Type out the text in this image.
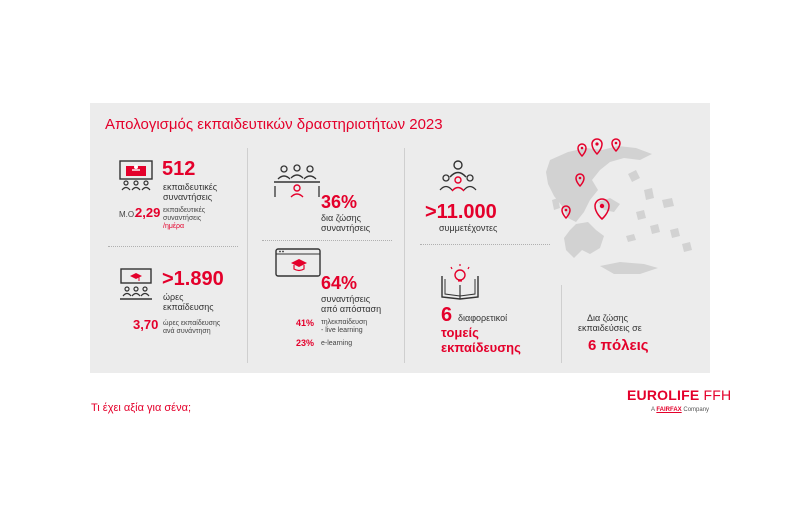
Απολογισμός εκπαιδευτικών δραστηριοτήτων 2023
512
εκπαιδευτικές
συναντήσεις
Μ.Ο.
2,29 εκπαιδευτικές
συναντήσεις
/ημέρα
>1.890
ώρες
εκπαίδευσης
3,70 ώρες εκπαίδευσης
ανά συνάντηση
36%
δια ζώσης
συναντήσεις
64%
συναντήσεις
από απόσταση
41% τηλεκπαίδευση
- live learning
23% e-learning
>11.000
συμμετέχοντες
6 διαφορετικοί
τομείς
εκπαίδευσης
Δια ζώσης
εκπαιδεύσεις σε
6 πόλεις
Τι έχει αξία για σένα;
EUROLIFE FFH
A FAIRFAX Company
